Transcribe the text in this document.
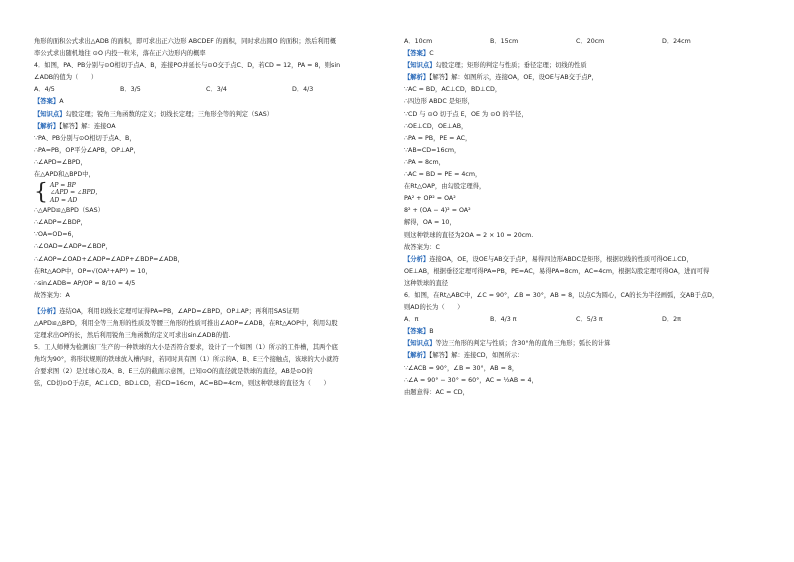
角形的面积公式求出△ADB 的面积，即可求出正六边形 ABCDEF 的面积，同时求出圆O 的面积；然后利用概
率公式求出随机地往 ⊙O 内投一粒米，落在正六边形内的概率
4．如图，PA、PB分别与⊙O相切于点A、B，连接PO并延长与⊙O交于点C、D，若CD = 12，PA = 8，则sin
∠ADB的值为（　　）
A．4/5	B．3/5	C．3/4	D．4/3
【答案】A
【知识点】勾股定理；锐角三角函数的定义；切线长定理；三角形全等的判定（SAS）
【解析】【解答】解：连接OA
∵PA、PB分别与⊙O相切于点A、B，
∴PA=PB，OP平分∠APB，OP⊥AP，
∴∠APD=∠BPD，
在△APD和△BPD中，
{ AP = BP
∠APD = ∠BPD，
AD = AD
∴△APD≌△BPD（SAS）
∴∠ADP=∠BDP，
∵OA=OD=6，
∴∠OAD=∠ADP=∠BDP，
∴∠AOP=∠OAD+∠ADP=∠ADP+∠BDP=∠ADB，
在Rt△AOP中，OP=√(OA²+AP²) = 10，
∴sin∠ADB= AP/OP = 8/10 = 4/5
故答案为：A
【分析】连结OA，利用切线长定理可证得PA=PB，∠APD=∠BPD，OP⊥AP；再利用SAS证明
△APD≌△BPD，利用全等三角形的性质及等腰三角形的性质可推出∠AOP=∠ADB，在Rt△AOP中，利用勾股
定理求出OP的长，然后利用锐角三角函数的定义可求出sin∠ADB的值.
5．工人师傅为检测该厂生产的一种铁球的大小是否符合要求，设计了一个如图（1）所示的工件槽，其两个底
角均为90°，将形状规则的铁球放入槽内时，若同时具有图（1）所示的A、B、E三个接触点，该球的大小就符
合要求图（2）是过球心及A、B、E三点的截面示意图，已知⊙O的直径就是铁球的直径，AB是⊙O的
弦，CD切⊙O于点E，AC⊥CD、BD⊥CD，若CD=16cm，AC=BD=4cm，则这种铁球的直径为（　　）
A．10cm	B．15cm	C．20cm	D．24cm
【答案】C
【知识点】勾股定理；矩形的判定与性质；垂径定理；切线的性质
【解析】【解答】解：如图所示，连接OA，OE，设OE与AB交于点P，
∵AC = BD，AC⊥CD，BD⊥CD，
∴四边形 ABDC 是矩形，
∵CD 与 ⊙O 切于点 E，OE 为 ⊙O 的半径，
∴OE⊥CD，OE⊥AB，
∴PA = PB，PE = AC，
∵AB=CD=16cm，
∴PA = 8cm，
∴AC = BD = PE = 4cm，
在Rt△OAP，由勾股定理得，
PA² + OP² = OA²
8² + (OA − 4)² = OA²
解得，OA = 10，
则这种铁球的直径为2OA = 2 × 10 = 20cm.
故答案为：C
【分析】连接OA，OE，设OE与AB交于点P，易得四边形ABDC是矩形，根据切线的性质可得OE⊥CD，
OE⊥AB，根据垂径定理可得PA=PB，PE=AC，易得PA=8cm，AC=4cm，根据勾股定理可得OA，进而可得
这种铁球的直径
6．如图，在Rt△ABC中，∠C = 90°，∠B = 30°，AB = 8，以点C为圆心，CA的长为半径画弧，交AB于点D，
则AD的长为（　　）
A．π	B．4/3 π	C．5/3 π	D．2π
【答案】B
【知识点】等边三角形的判定与性质；含30°角的直角三角形；弧长的计算
【解析】【解答】解：连接CD，如图所示：
∵∠ACB = 90°，∠B = 30°，AB = 8，
∴∠A = 90° − 30° = 60°，AC = ½AB = 4，
由题意得：AC = CD，
